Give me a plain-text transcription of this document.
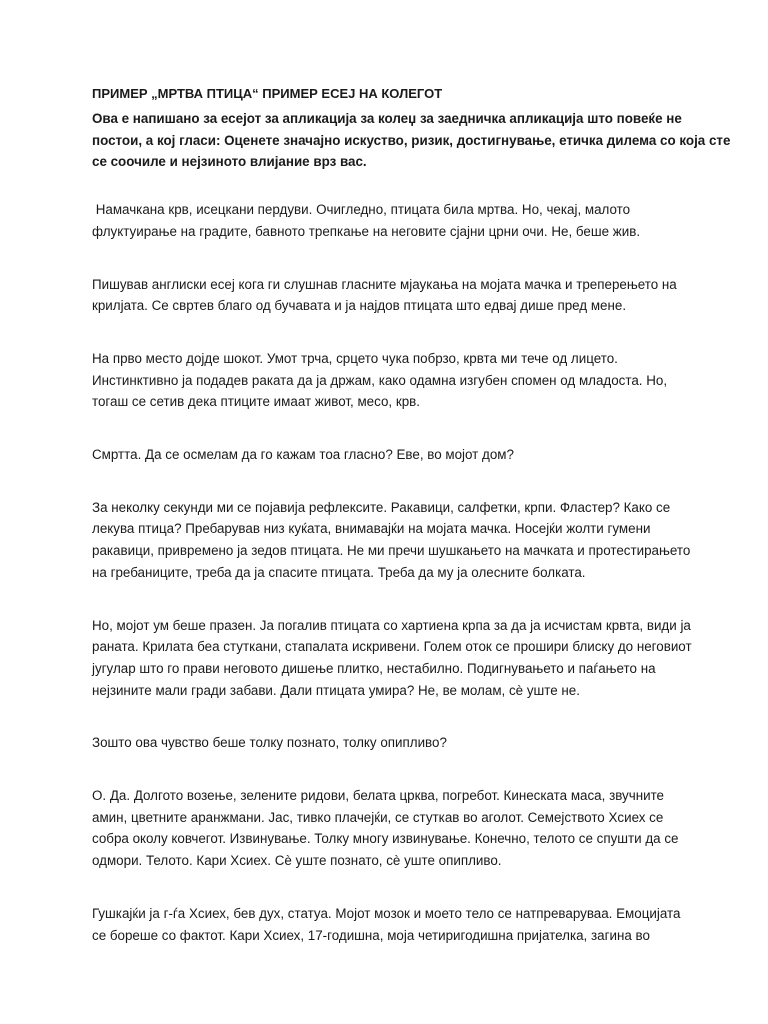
ПРИМЕР „МРТВА ПТИЦА“ ПРИМЕР ЕСЕЈ НА КОЛЕГОТ

Ова е напишано за есејот за апликација за колеџ за заедничка апликација што повеќе не
постои, а кој гласи: Оценете значајно искуство, ризик, достигнување, етичка дилема со која сте
се соочиле и нејзиното влијание врз вас.

Намачкана крв, исецкани пердуви. Очигледно, птицата била мртва. Но, чекај, малото
флуктуирање на градите, бавното трепкање на неговите сјајни црни очи. Не, беше жив.

Пишував англиски есеј кога ги слушнав гласните мјаукања на мојата мачка и треперењето на
крилјата. Се свртев благо од бучавата и ја најдов птицата што едвај дише пред мене.

На прво место дојде шокот. Умот трча, срцето чука побрзо, крвта ми тече од лицето.
Инстинктивно ја подадев раката да ја држам, како одамна изгубен спомен од младоста. Но,
тогаш се сетив дека птиците имаат живот, месо, крв.

Смртта. Да се осмелам да го кажам тоа гласно? Еве, во мојот дом?

За неколку секунди ми се појавија рефлексите. Ракавици, салфетки, крпи. Фластер? Како се
лекува птица? Пребарував низ куќата, внимавајќи на мојата мачка. Носејќи жолти гумени
ракавици, привремено ја зедов птицата. Не ми пречи шушкањето на мачката и протестирањето
на гребаниците, треба да ја спасите птицата. Треба да му ја олесните болката.

Но, мојот ум беше празен. Ја погалив птицата со хартиена крпа за да ја исчистам крвта, види ја
раната. Крилата беа стуткани, стапалата искривени. Голем оток се прошири блиску до неговиот
југулар што го прави неговото дишење плитко, нестабилно. Подигнувањето и паѓањето на
нејзините мали гради забави. Дали птицата умира? Не, ве молам, сè уште не.

Зошто ова чувство беше толку познато, толку опипливо?

О. Да. Долгото возење, зелените ридови, белата црква, погребот. Кинеската маса, звучните
амин, цветните аранжмани. Јас, тивко плачејќи, се стуткав во аголот. Семејството Хсиех се
собра околу ковчегот. Извинување. Толку многу извинување. Конечно, телото се спушти да се
одмори. Телото. Кари Хсиех. Сè уште познато, сè уште опипливо.

Гушкајќи ја г-ѓа Хсиех, бев дух, статуа. Мојот мозок и моето тело се натпреваруваа. Емоцијата
се бореше со фактот. Кари Хсиех, 17-годишна, моја четиригодишна пријателка, загина во
